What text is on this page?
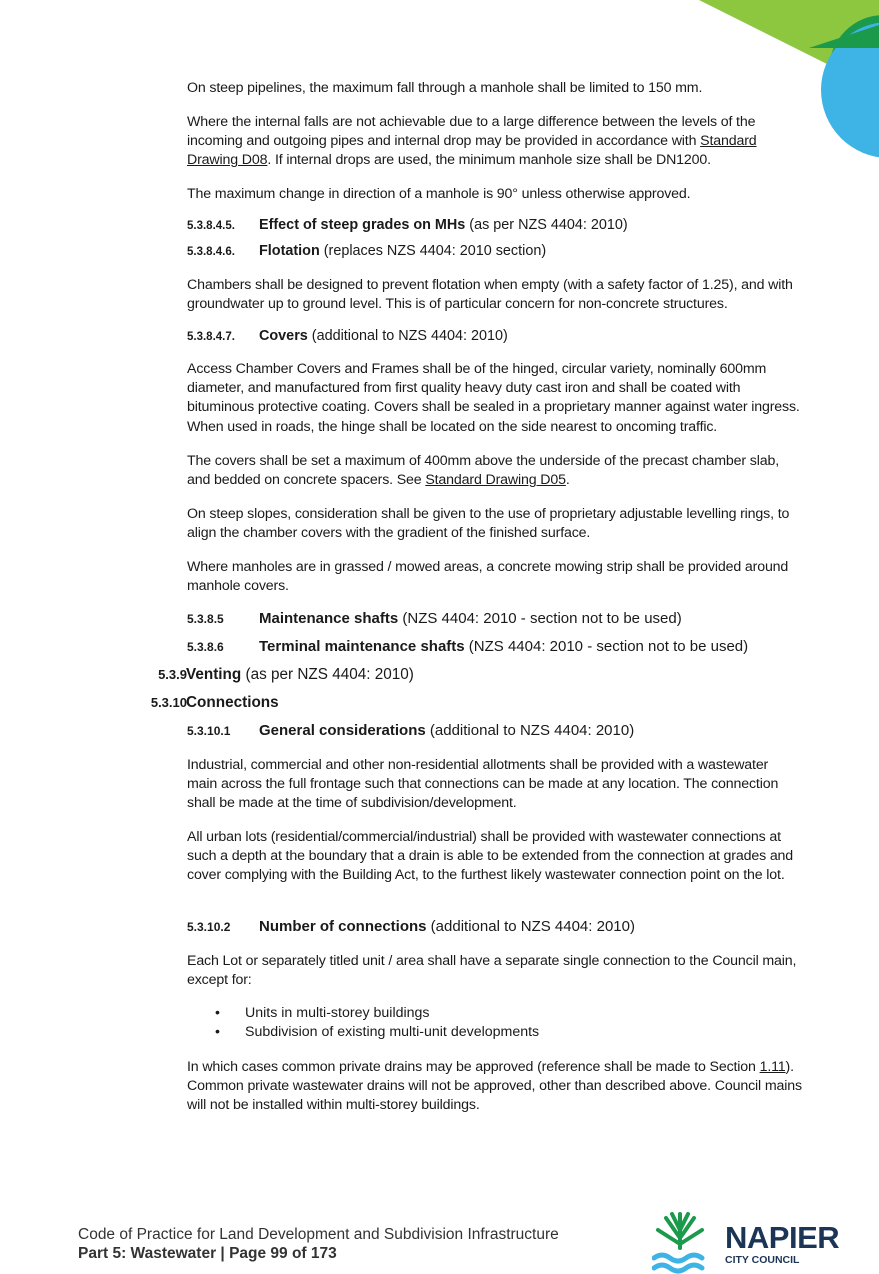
On steep pipelines, the maximum fall through a manhole shall be limited to 150 mm.

Where the internal falls are not achievable due to a large difference between the levels of the incoming and outgoing pipes and internal drop may be provided in accordance with Standard Drawing D08. If internal drops are used, the minimum manhole size shall be DN1200.

The maximum change in direction of a manhole is 90° unless otherwise approved.

5.3.8.4.5. Effect of steep grades on MHs (as per NZS 4404: 2010)
5.3.8.4.6. Flotation (replaces NZS 4404: 2010 section)

Chambers shall be designed to prevent flotation when empty (with a safety factor of 1.25), and with groundwater up to ground level. This is of particular concern for non-concrete structures.

5.3.8.4.7. Covers (additional to NZS 4404: 2010)

Access Chamber Covers and Frames shall be of the hinged, circular variety, nominally 600mm diameter, and manufactured from first quality heavy duty cast iron and shall be coated with bituminous protective coating. Covers shall be sealed in a proprietary manner against water ingress. When used in roads, the hinge shall be located on the side nearest to oncoming traffic.

The covers shall be set a maximum of 400mm above the underside of the precast chamber slab, and bedded on concrete spacers. See Standard Drawing D05.

On steep slopes, consideration shall be given to the use of proprietary adjustable levelling rings, to align the chamber covers with the gradient of the finished surface.

Where manholes are in grassed / mowed areas, a concrete mowing strip shall be provided around manhole covers.

5.3.8.5 Maintenance shafts (NZS 4404: 2010 - section not to be used)
5.3.8.6 Terminal maintenance shafts (NZS 4404: 2010 - section not to be used)
5.3.9Venting (as per NZS 4404: 2010)
5.3.10Connections
5.3.10.1 General considerations (additional to NZS 4404: 2010)

Industrial, commercial and other non-residential allotments shall be provided with a wastewater main across the full frontage such that connections can be made at any location. The connection shall be made at the time of subdivision/development.

All urban lots (residential/commercial/industrial) shall be provided with wastewater connections at such a depth at the boundary that a drain is able to be extended from the connection at grades and cover complying with the Building Act, to the furthest likely wastewater connection point on the lot.

5.3.10.2 Number of connections (additional to NZS 4404: 2010)

Each Lot or separately titled unit / area shall have a separate single connection to the Council main, except for:

• Units in multi-storey buildings
• Subdivision of existing multi-unit developments

In which cases common private drains may be approved (reference shall be made to Section 1.11). Common private wastewater drains will not be approved, other than described above. Council mains will not be installed within multi-storey buildings.

Code of Practice for Land Development and Subdivision Infrastructure
Part 5: Wastewater | Page 99 of 173	NAPIER
CITY COUNCIL
